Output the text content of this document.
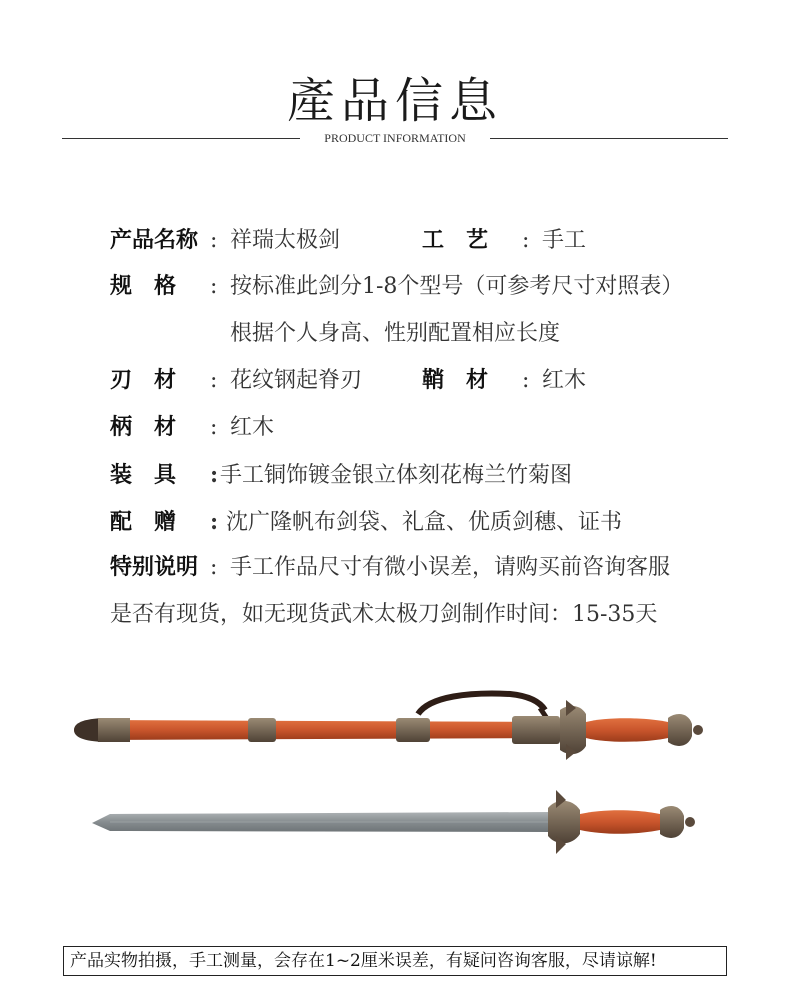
產品信息
PRODUCT INFORMATION
产品名称 : 祥瑞太极剑	工　艺 : 手工
规　格 : 按标准此剑分1-8个型号（可参考尺寸对照表）
根据个人身高、性别配置相应长度
刃　材 : 花纹钢起脊刃	鞘　材 : 红木
柄　材 : 红木
装　具 :手工铜饰镀金银立体刻花梅兰竹菊图
配　赠 : 沈广隆帆布剑袋、礼盒、优质剑穗、证书
特别说明 : 手工作品尺寸有微小误差，请购买前咨询客服
是否有现货，如无现货武术太极刀剑制作时间：15-35天
产品实物拍摄，手工测量，会存在1~2厘米误差，有疑问咨询客服，尽请谅解!
